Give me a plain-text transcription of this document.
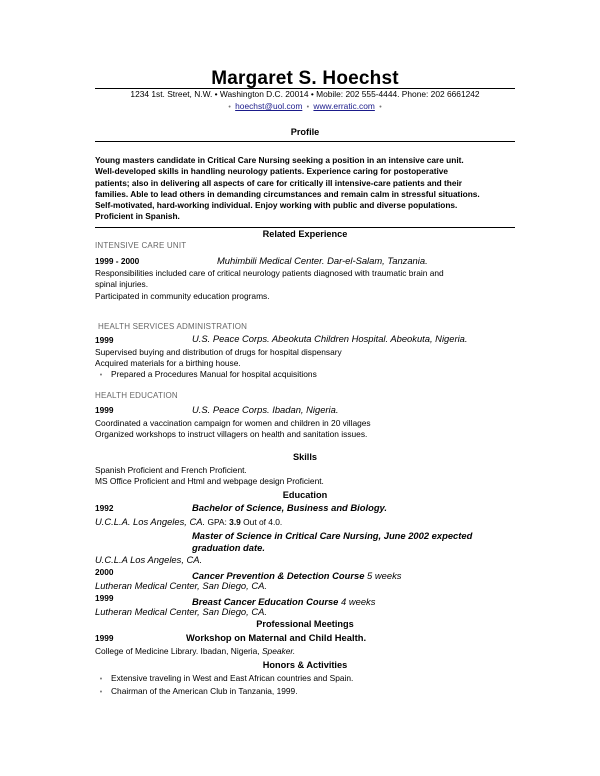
Margaret S. Hoechst
1234 1st. Street, N.W. • Washington D.C. 20014 • Mobile: 202 555-4444. Phone: 202 6661242
• hoechst@uol.com • www.erratic.com •
Profile
Young masters candidate in Critical Care Nursing seeking a position in an intensive care unit.
Well-developed skills in handling neurology patients. Experience caring for postoperative
patients; also in delivering all aspects of care for critically ill intensive-care patients and their
families. Able to lead others in demanding circumstances and remain calm in stressful situations.
Self-motivated, hard-working individual. Enjoy working with public and diverse populations.
Proficient in Spanish.
Related Experience
INTENSIVE CARE UNIT
1999 - 2000	Muhimbili Medical Center. Dar-el-Salam, Tanzania.
Responsibilities included care of critical neurology patients diagnosed with traumatic brain and
spinal injuries.
Participated in community education programs.
HEALTH SERVICES ADMINISTRATION
1999	U.S. Peace Corps. Abeokuta Children Hospital. Abeokuta, Nigeria.
Supervised buying and distribution of drugs for hospital dispensary
Acquired materials for a birthing house.
• Prepared a Procedures Manual for hospital acquisitions
HEALTH EDUCATION
1999	U.S. Peace Corps. Ibadan, Nigeria.
Coordinated a vaccination campaign for women and children in 20 villages
Organized workshops to instruct villagers on health and sanitation issues.
Skills
Spanish Proficient and French Proficient.
MS Office Proficient and Html and webpage design Proficient.
Education
1992	Bachelor of Science, Business and Biology.
U.C.L.A. Los Angeles, CA. GPA: 3.9 Out of 4.0.
Master of Science in Critical Care Nursing, June 2002 expected
graduation date.
U.C.L.A Los Angeles, CA.
2000	Cancer Prevention & Detection Course 5 weeks
Lutheran Medical Center, San Diego, CA.
1999	Breast Cancer Education Course 4 weeks
Lutheran Medical Center, San Diego, CA.
Professional Meetings
1999	Workshop on Maternal and Child Health.
College of Medicine Library. Ibadan, Nigeria, Speaker.
Honors & Activities
• Extensive traveling in West and East African countries and Spain.
• Chairman of the American Club in Tanzania, 1999.
